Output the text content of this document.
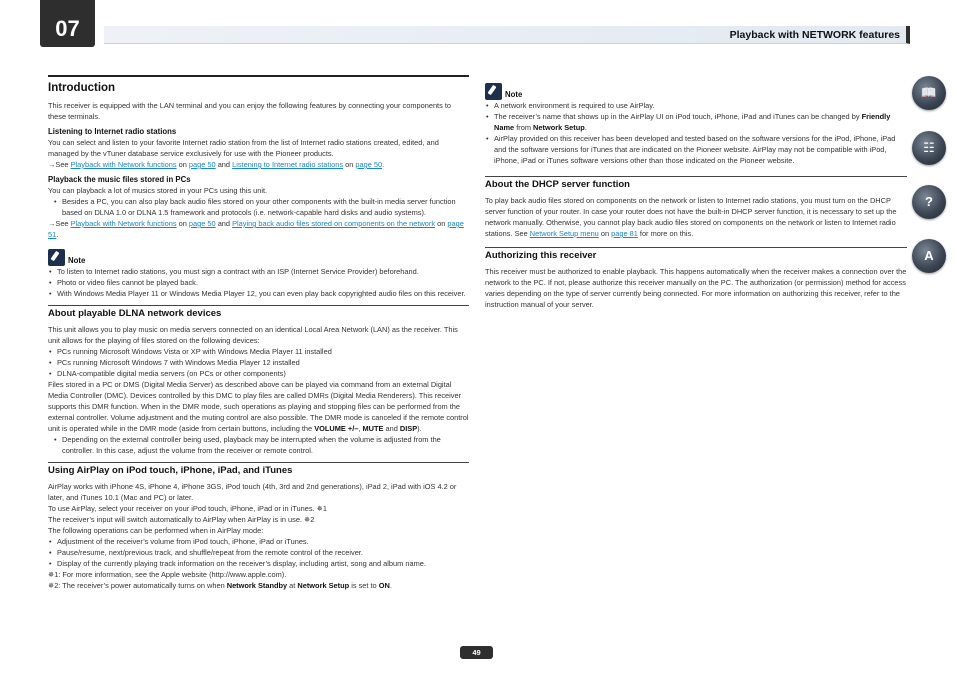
07	Playback with NETWORK features
Introduction

This receiver is equipped with the LAN terminal and you can enjoy the following features by connecting your components to these terminals.

Listening to Internet radio stations

You can select and listen to your favorite Internet radio station from the list of Internet radio stations created, edited, and managed by the vTuner database service exclusively for use with the Pioneer products.

→See Playback with Network functions on page 50 and Listening to Internet radio stations on page 50.

Playback the music files stored in PCs

You can playback a lot of musics stored in your PCs using this unit.

• Besides a PC, you can also play back audio files stored on your other components with the built-in media server function based on DLNA 1.0 or DLNA 1.5 framework and protocols (i.e. network-capable hard disks and audio systems).

→See Playback with Network functions on page 50 and Playing back audio files stored on components on the network on page 51.

Note
• To listen to Internet radio stations, you must sign a contract with an ISP (Internet Service Provider) beforehand.
• Photo or video files cannot be played back.
• With Windows Media Player 11 or Windows Media Player 12, you can even play back copyrighted audio files on this receiver.
About playable DLNA network devices

This unit allows you to play music on media servers connected on an identical Local Area Network (LAN) as the receiver. This unit allows for the playing of files stored on the following devices:

• PCs running Microsoft Windows Vista or XP with Windows Media Player 11 installed
• PCs running Microsoft Windows 7 with Windows Media Player 12 installed
• DLNA-compatible digital media servers (on PCs or other components)

Files stored in a PC or DMS (Digital Media Server) as described above can be played via command from an external Digital Media Controller (DMC). Devices controlled by this DMC to play files are called DMRs (Digital Media Renderers). This receiver supports this DMR function. When in the DMR mode, such operations as playing and stopping files can be performed from the external controller. Volume adjustment and the muting control are also possible. The DMR mode is canceled if the remote control unit is operated while in the DMR mode (aside from certain buttons, including the VOLUME +/–, MUTE and DISP).

• Depending on the external controller being used, playback may be interrupted when the volume is adjusted from the controller. In this case, adjust the volume from the receiver or remote control.
Using AirPlay on iPod touch, iPhone, iPad, and iTunes

AirPlay works with iPhone 4S, iPhone 4, iPhone 3GS, iPod touch (4th, 3rd and 2nd generations), iPad 2, iPad with iOS 4.2 or later, and iTunes 10.1 (Mac and PC) or later.

To use AirPlay, select your receiver on your iPod touch, iPhone, iPad or in iTunes. ✵1

The receiver’s input will switch automatically to AirPlay when AirPlay is in use. ✵2

The following operations can be performed when in AirPlay mode:

• Adjustment of the receiver’s volume from iPod touch, iPhone, iPad or iTunes.
• Pause/resume, next/previous track, and shuffle/repeat from the remote control of the receiver.
• Display of the currently playing track information on the receiver’s display, including artist, song and album name.

✵1: For more information, see the Apple website (http://www.apple.com).

✵2: The receiver’s power automatically turns on when Network Standby at Network Setup is set to ON.

Note
• A network environment is required to use AirPlay.
• The receiver’s name that shows up in the AirPlay UI on iPod touch, iPhone, iPad and iTunes can be changed by Friendly Name from Network Setup.
• AirPlay provided on this receiver has been developed and tested based on the software versions for the iPod, iPhone, iPad and the software versions for iTunes that are indicated on the Pioneer website. AirPlay may not be compatible with iPod, iPhone, iPad or iTunes software versions other than those indicated on the Pioneer website.
About the DHCP server function

To play back audio files stored on components on the network or listen to Internet radio stations, you must turn on the DHCP server function of your router. In case your router does not have the built-in DHCP server function, it is necessary to set up the network manually. Otherwise, you cannot play back audio files stored on components on the network or listen to Internet radio stations. See Network Setup menu on page 81 for more on this.

Authorizing this receiver

This receiver must be authorized to enable playback. This happens automatically when the receiver makes a connection over the network to the PC. If not, please authorize this receiver manually on the PC. The authorization (or permission) method for access varies depending on the type of server currently being connected. For more information on authorizing this receiver, refer to the instruction manual of your server.

📖
☷
?
A
49
